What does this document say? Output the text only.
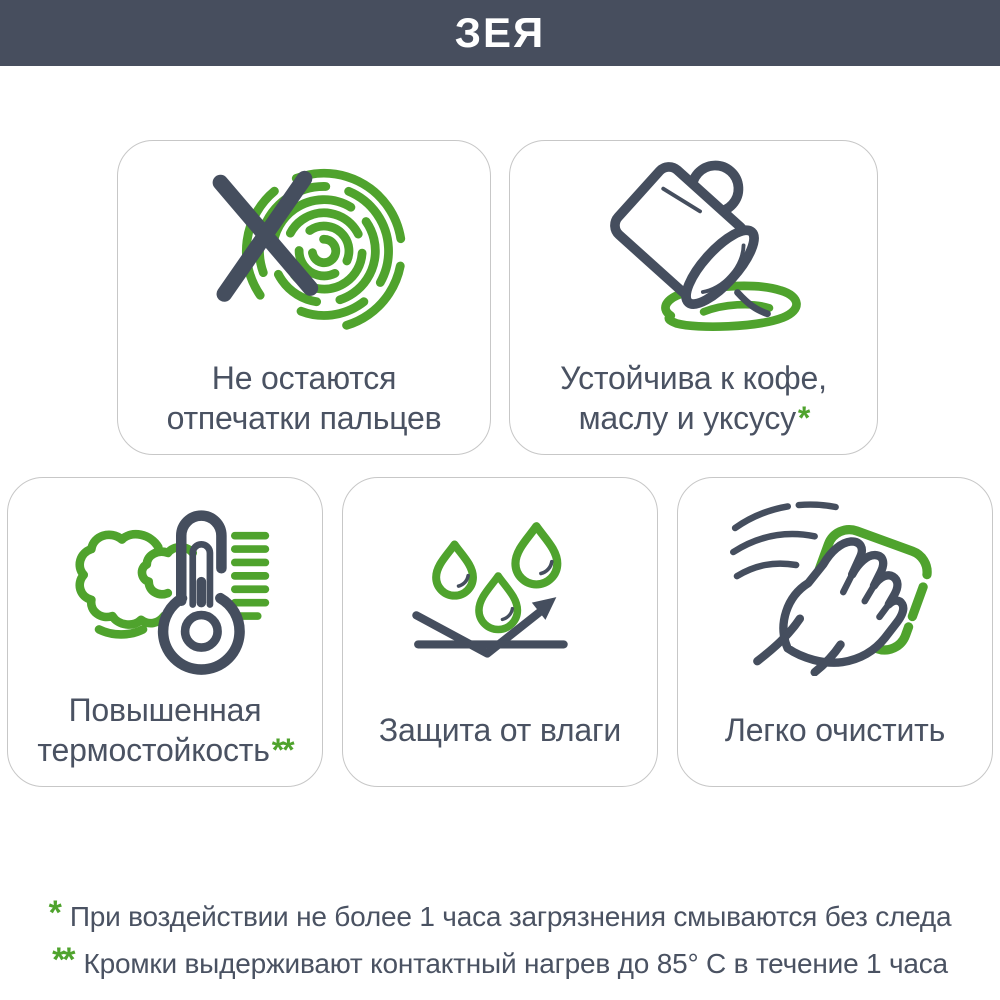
ЗЕЯ
Не остаются
отпечатки пальцев
Устойчива к кофе,
маслу и уксусу*
Повышенная
термостойкость**
Защита от влаги	Легко очистить
* При воздействии не более 1 часа загрязнения смываются без следа
** Кромки выдерживают контактный нагрев до 85° C в течение 1 часа
